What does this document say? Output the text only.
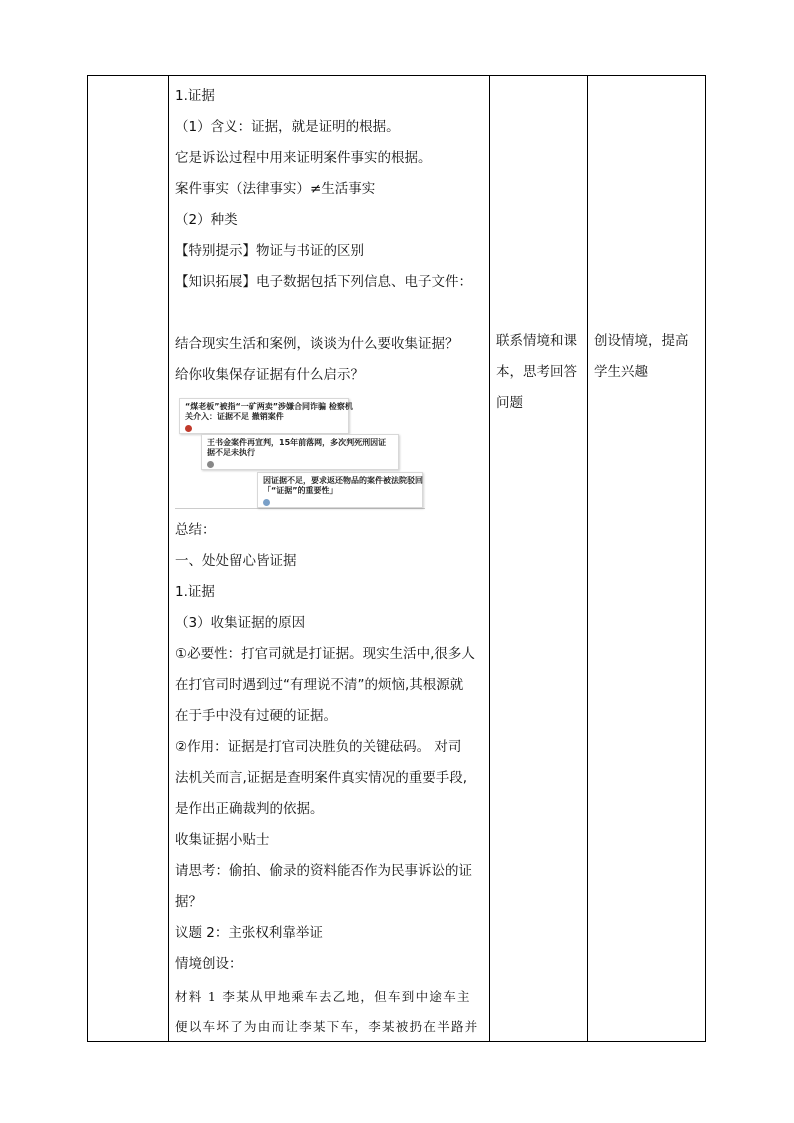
1.证据
（1）含义：证据，就是证明的根据。
它是诉讼过程中用来证明案件事实的根据。
案件事实（法律事实）≠生活事实
（2）种类
【特别提示】物证与书证的区别
【知识拓展】电子数据包括下列信息、电子文件：
结合现实生活和案例，谈谈为什么要收集证据？
给你收集保存证据有什么启示？
总结：
一、处处留心皆证据
1.证据
（3）收集证据的原因
①必要性：打官司就是打证据。现实生活中,很多人
在打官司时遇到过“有理说不清”的烦恼,其根源就
在于手中没有过硬的证据。
②作用：证据是打官司决胜负的关键砝码。 对司
法机关而言,证据是查明案件真实情况的重要手段,
是作出正确裁判的依据。
收集证据小贴士
请思考：偷拍、偷录的资料能否作为民事诉讼的证
据？
议题 2：主张权利靠举证
情境创设：
材料 1 李某从甲地乘车去乙地，但车到中途车主
便以车坏了为由而让李某下车，李某被扔在半路并
联系情境和课
本，思考回答
问题
创设情境，提高
学生兴趣
“煤老板”被指“一矿两卖”涉嫌合同诈骗 检察机
关介入：证据不足 撤销案件
王书金案件再宣判，15年前落网，多次判死刑因证
据不足未执行
因证据不足，要求返还物品的案件被法院驳回
「“证据”的重要性」
